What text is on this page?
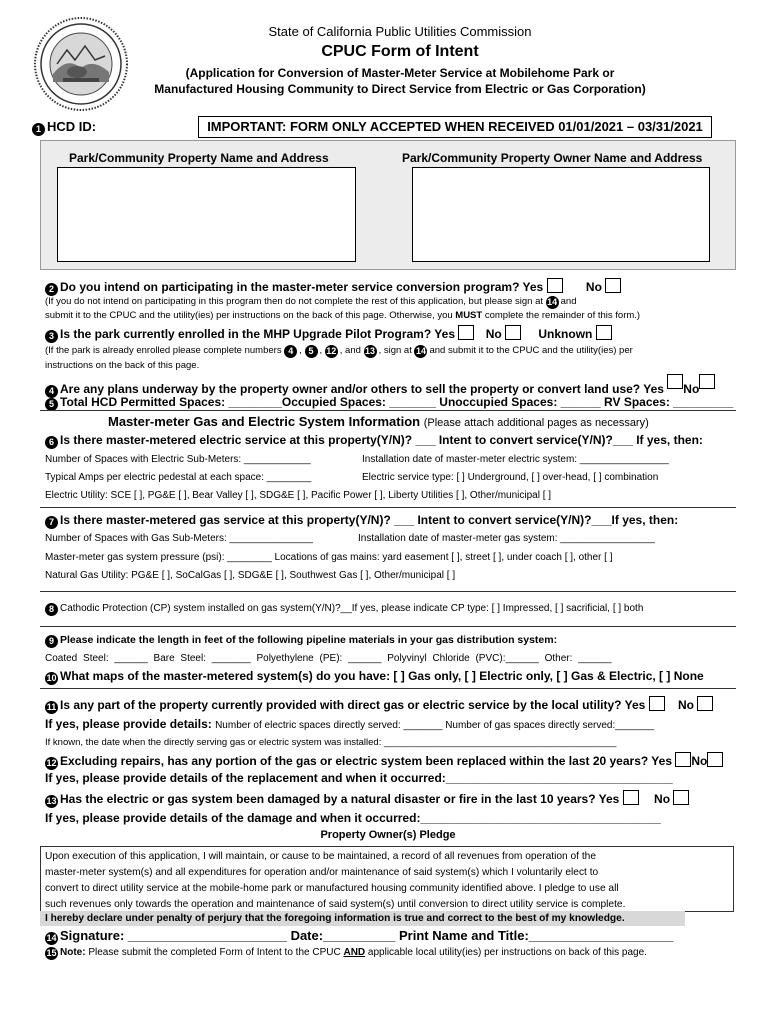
State of California Public Utilities Commission
CPUC Form of Intent
(Application for Conversion of Master-Meter Service at Mobilehome Park or
Manufactured Housing Community to Direct Service from Electric or Gas Corporation)
1 HCD ID:	IMPORTANT: FORM ONLY ACCEPTED WHEN RECEIVED 01/01/2021 – 03/31/2021
Park/Community Property Name and Address	Park/Community Property Owner Name and Address
2 Do you intend on participating in the master-meter service conversion program? Yes	No
(If you do not intend on participating in this program then do not complete the rest of this application, but please sign at 14 and
submit it to the CPUC and the utility(ies) per instructions on the back of this page. Otherwise, you MUST complete the remainder of this form.)
3 Is the park currently enrolled in the MHP Upgrade Pilot Program? Yes	No	Unknown
(If the park is already enrolled please complete numbers 4 , 5 , 12 , and 13 , sign at 14 and submit it to the CPUC and the utility(ies) per
instructions on the back of this page.
4 Are any plans underway by the property owner and/or others to sell the property or convert land use? Yes No
5 Total HCD Permitted Spaces: ________Occupied Spaces: _______ Unoccupied Spaces: ______ RV Spaces: _________
Master-meter Gas and Electric System Information (Please attach additional pages as necessary)
6 Is there master-metered electric service at this property(Y/N)? ___ Intent to convert service(Y/N)?___ If yes, then:
Number of Spaces with Electric Sub-Meters: ____________	Installation date of master-meter electric system: ________________
Typical Amps per electric pedestal at each space: ________	Electric service type: [ ] Underground, [ ] over-head, [ ] combination
Electric Utility: SCE [ ], PG&E [ ], Bear Valley [ ], SDG&E [ ], Pacific Power [ ], Liberty Utilities [ ], Other/municipal [ ]
7 Is there master-metered gas service at this property(Y/N)? ___ Intent to convert service(Y/N)?___If yes, then:
Number of Spaces with Gas Sub-Meters: _______________	Installation date of master-meter gas system: _________________
Master-meter gas system pressure (psi): ________ Locations of gas mains: yard easement [ ], street [ ], under coach [ ], other [ ]
Natural Gas Utility: PG&E [ ], SoCalGas [ ], SDG&E [ ], Southwest Gas [ ], Other/municipal [ ]
8 Cathodic Protection (CP) system installed on gas system(Y/N)?__If yes, please indicate CP type: [ ] Impressed, [ ] sacrificial, [ ] both
9 Please indicate the length in feet of the following pipeline materials in your gas distribution system:
Coated Steel: ______ Bare Steel: _______ Polyethylene (PE): ______ Polyvinyl Chloride (PVC):______ Other: ______
10 What maps of the master-metered system(s) do you have: [ ] Gas only, [ ] Electric only, [ ] Gas & Electric, [ ] None
11 Is any part of the property currently provided with direct gas or electric service by the local utility? Yes	No
If yes, please provide details: Number of electric spaces directly served: _______ Number of gas spaces directly served:_______
If known, the date when the directly serving gas or electric system was installed: ____________________________________________
12 Excluding repairs, has any portion of the gas or electric system been replaced within the last 20 years? Yes No
If yes, please provide details of the replacement and when it occurred:__________________________________
13 Has the electric or gas system been damaged by a natural disaster or fire in the last 10 years? Yes	No
If yes, please provide details of the damage and when it occurred:____________________________________
Property Owner(s) Pledge
Upon execution of this application, I will maintain, or cause to be maintained, a record of all revenues from operation of the
master-meter system(s) and all expenditures for operation and/or maintenance of said system(s) which I voluntarily elect to
convert to direct utility service at the mobile-home park or manufactured housing community identified above. I pledge to use all
such revenues only towards the operation and maintenance of said system(s) until conversion to direct utility service is complete.
I hereby declare under penalty of perjury that the foregoing information is true and correct to the best of my knowledge.
14 Signature: ______________________ Date:__________ Print Name and Title:____________________
15 Note: Please submit the completed Form of Intent to the CPUC AND applicable local utility(ies) per instructions on back of this page.
